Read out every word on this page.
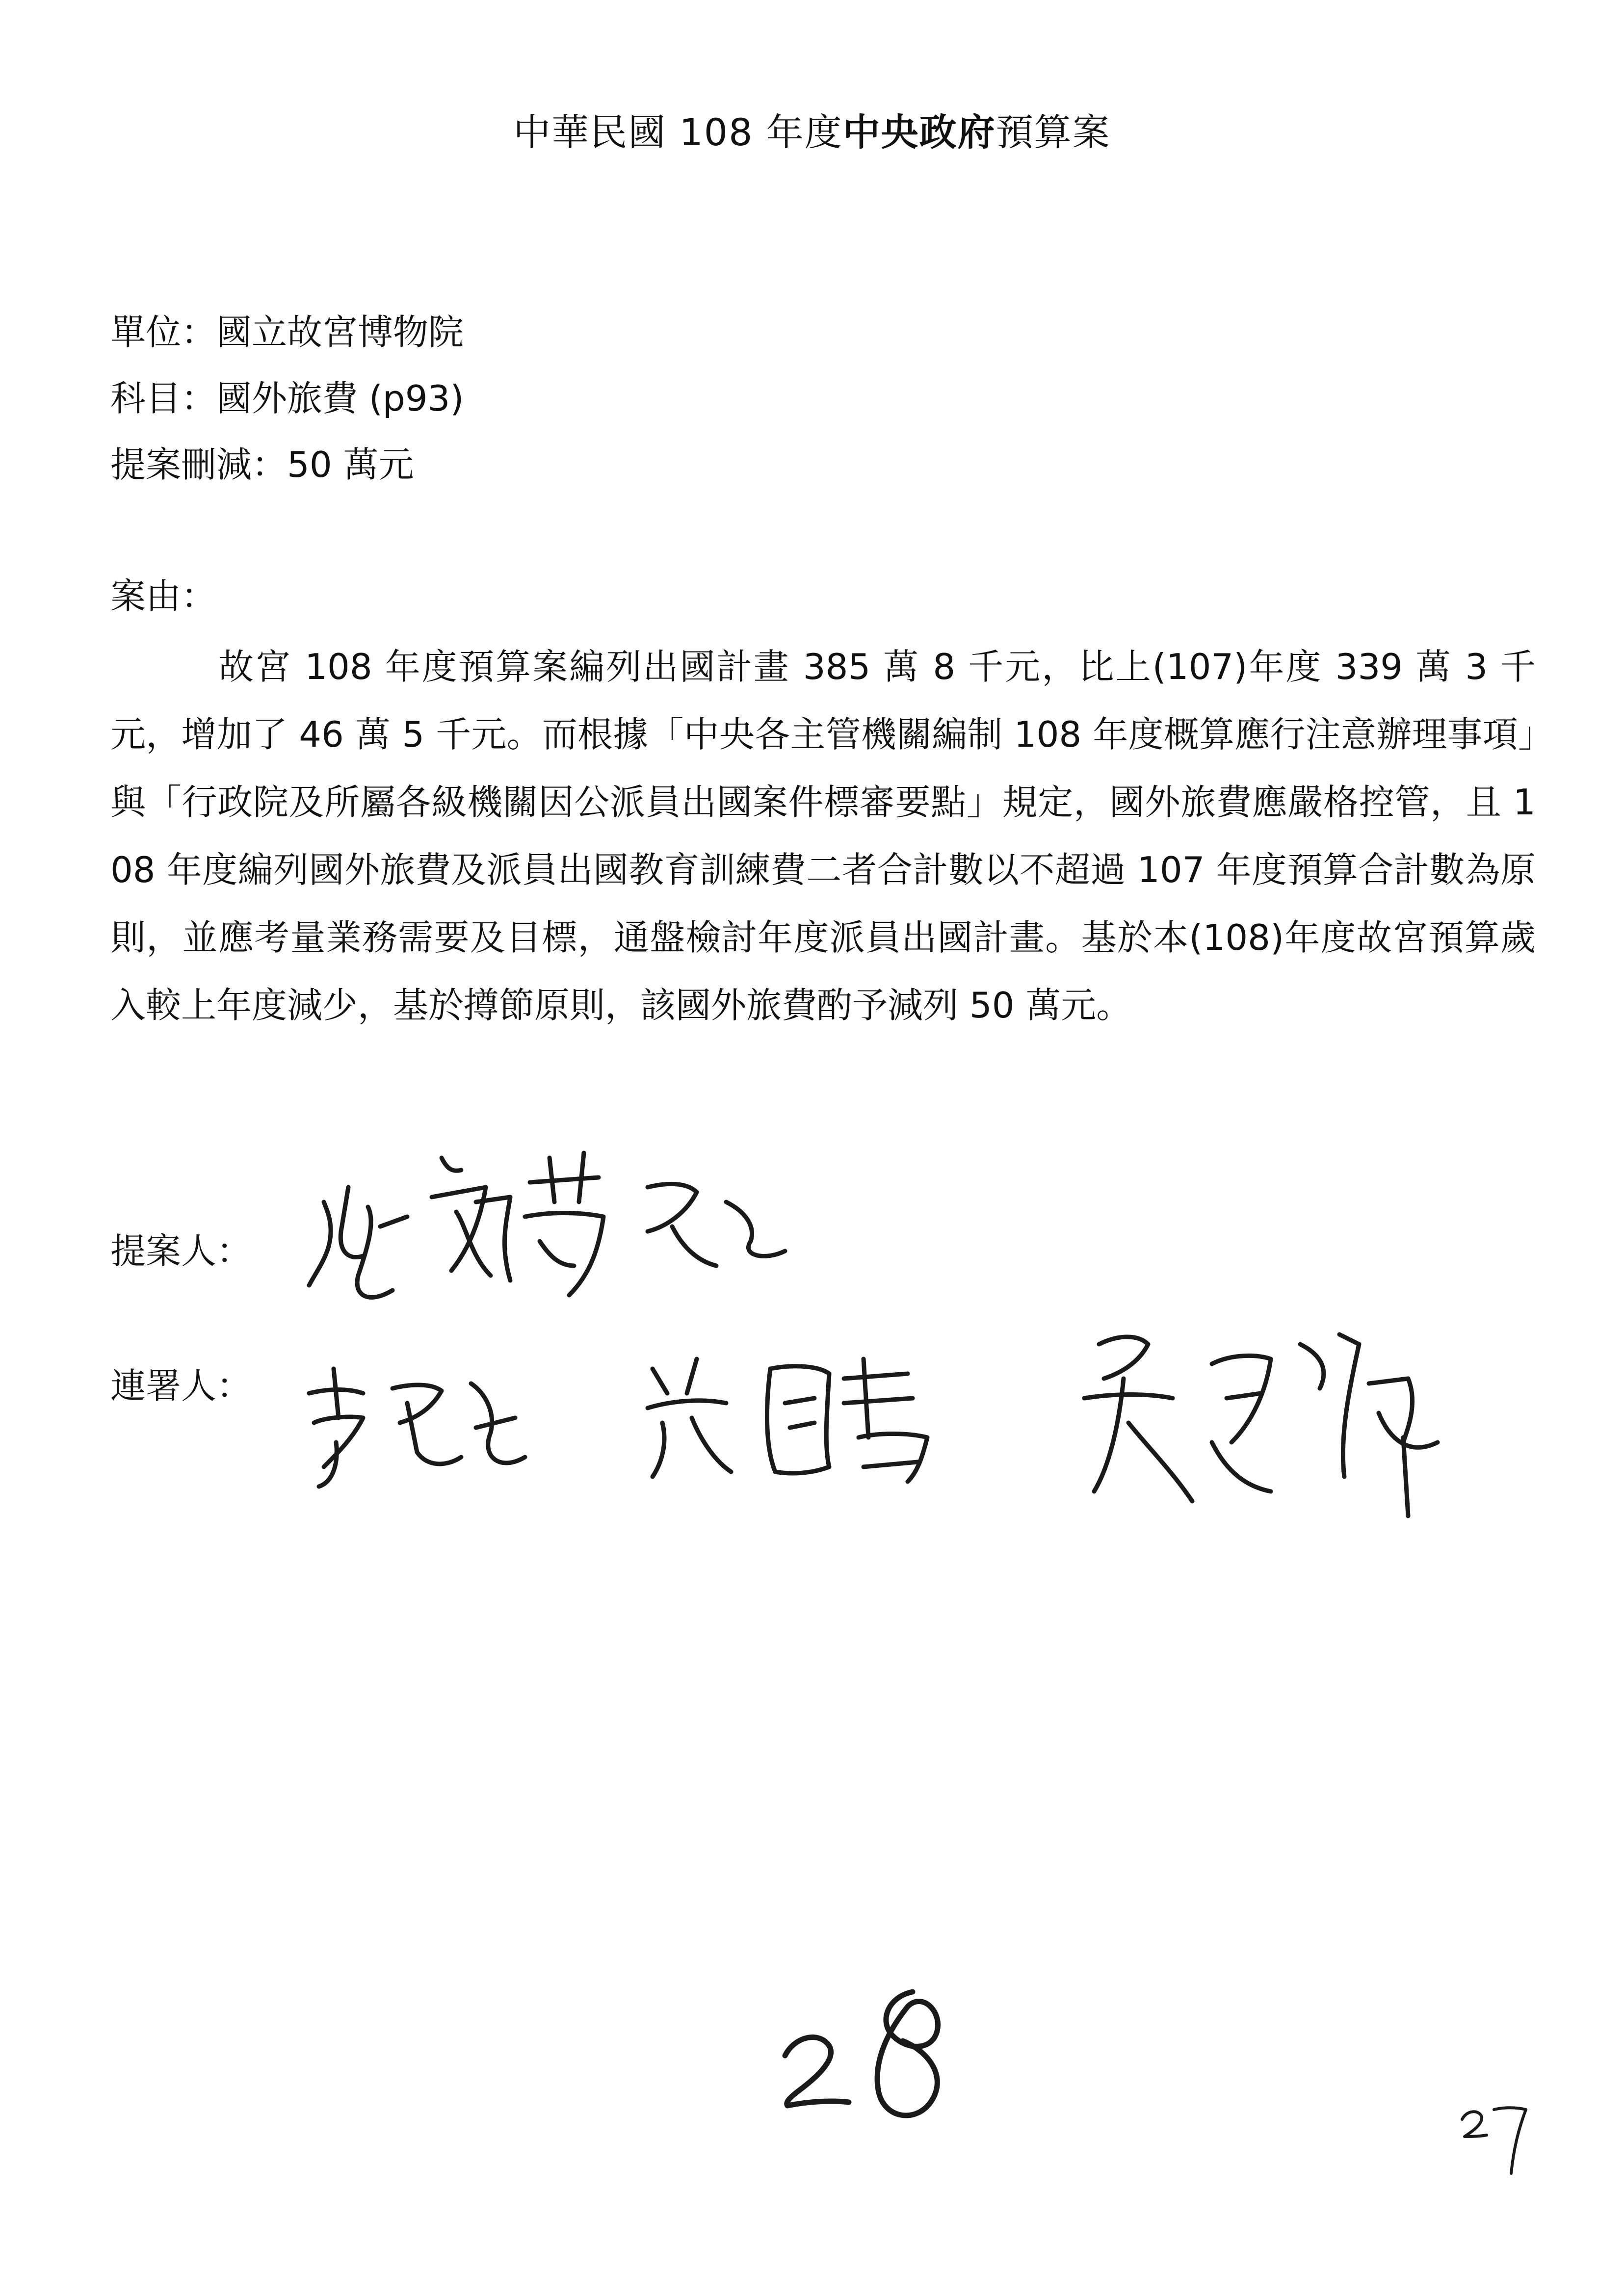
中華民國 108 年度中央政府預算案
單位：國立故宮博物院
科目：國外旅費 (p93)
提案刪減：50 萬元
案由：
故宮 108 年度預算案編列出國計畫 385 萬 8 千元，比上(107)年度 339 萬 3 千元，增加了 46 萬 5 千元。而根據「中央各主管機關編制 108 年度概算應行注意辦理事項」與「行政院及所屬各級機關因公派員出國案件標審要點」規定，國外旅費應嚴格控管，且 108 年度編列國外旅費及派員出國教育訓練費二者合計數以不超過 107 年度預算合計數為原則，並應考量業務需要及目標，通盤檢討年度派員出國計畫。基於本(108)年度故宮預算歲入較上年度減少，基於撙節原則，該國外旅費酌予減列 50 萬元。
提案人：
連署人：
